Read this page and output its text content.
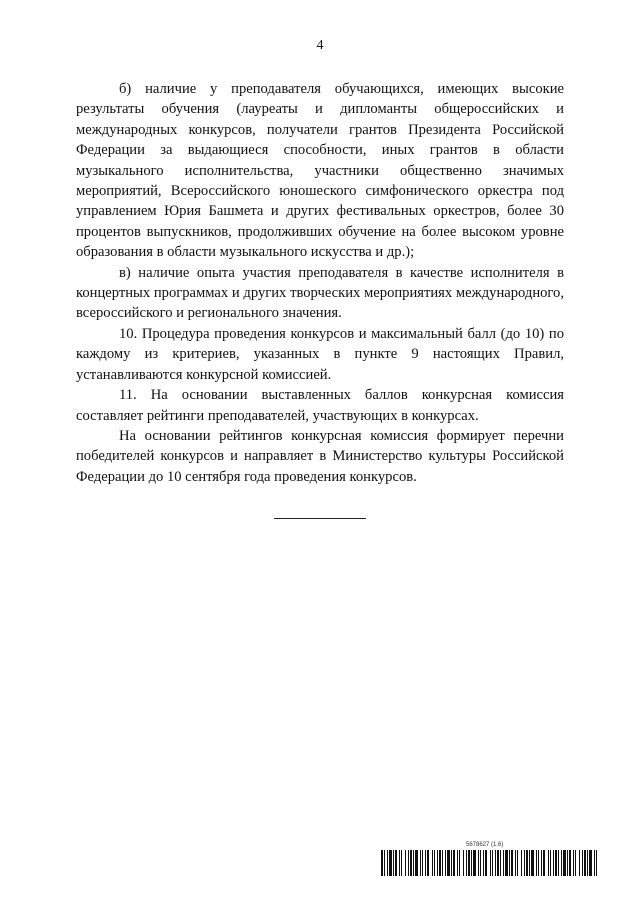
4

б) наличие у преподавателя обучающихся, имеющих высокие результаты обучения (лауреаты и дипломанты общероссийских и международных конкурсов, получатели грантов Президента Российской Федерации за выдающиеся способности, иных грантов в области музыкального исполнительства, участники общественно значимых мероприятий, Всероссийского юношеского симфонического оркестра под управлением Юрия Башмета и других фестивальных оркестров, более 30 процентов выпускников, продолживших обучение на более высоком уровне образования в области музыкального искусства и др.);

в) наличие опыта участия преподавателя в качестве исполнителя в концертных программах и других творческих мероприятиях международного, всероссийского и регионального значения.

10. Процедура проведения конкурсов и максимальный балл (до 10) по каждому из критериев, указанных в пункте 9 настоящих Правил, устанавливаются конкурсной комиссией.

11. На основании выставленных баллов конкурсная комиссия составляет рейтинги преподавателей, участвующих в конкурсах.

На основании рейтингов конкурсная комиссия формирует перечни победителей конкурсов и направляет в Министерство культуры Российской Федерации до 10 сентября года проведения конкурсов.

5678627 (1.6)
